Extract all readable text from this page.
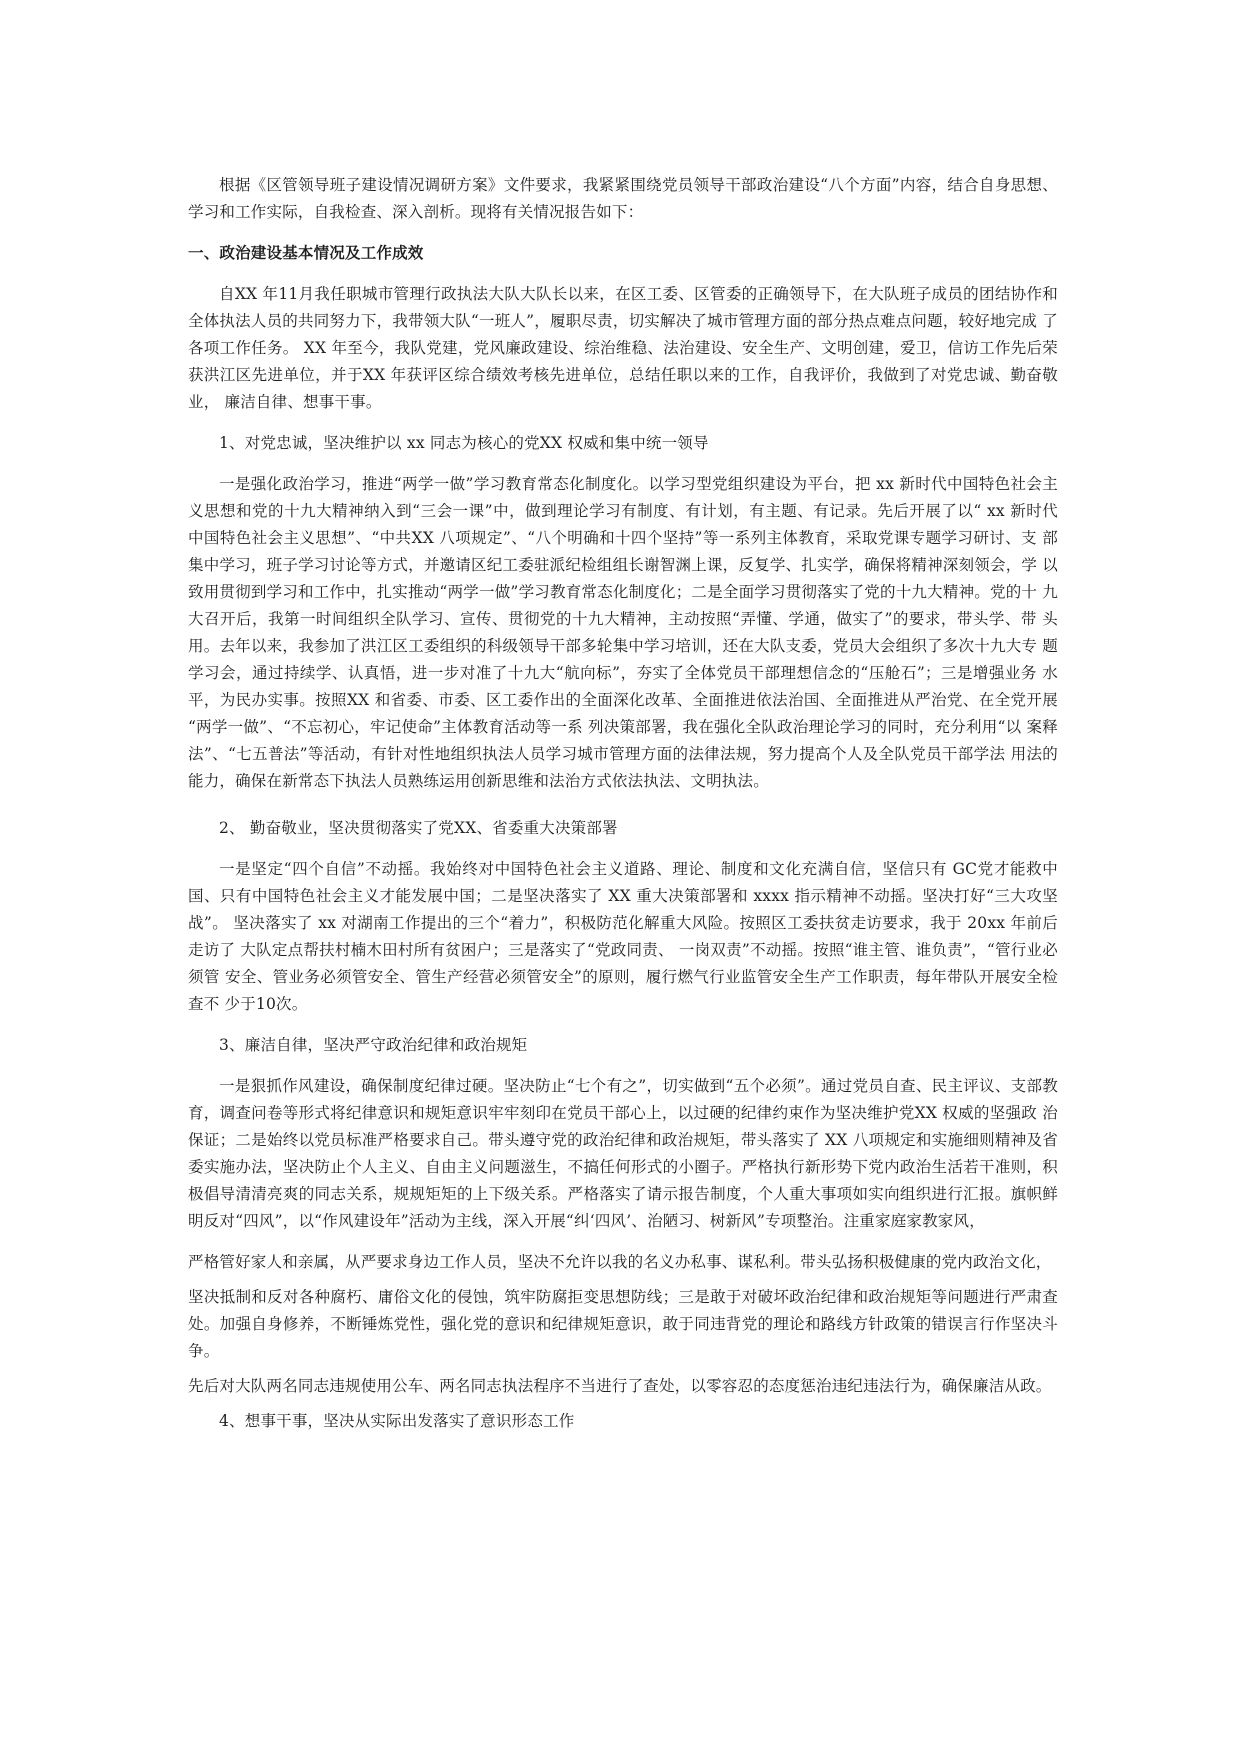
根据《区管领导班子建设情况调研方案》文件要求，我紧紧围绕党员领导干部政治建设“八个方面”内容，结合自身思想、 学习和工作实际，自我检查、深入剖析。现将有关情况报告如下：

一、政治建设基本情况及工作成效

自XX 年11月我任职城市管理行政执法大队大队长以来，在区工委、区管委的正确领导下，在大队班子成员的团结协作和 全体执法人员的共同努力下，我带领大队“一班人”，履职尽责，切实解决了城市管理方面的部分热点难点问题，较好地完成 了各项工作任务。 XX 年至今，我队党建，党风廉政建设、综治维稳、法治建设、安全生产、文明创建，爱卫，信访工作先后荣 获洪江区先进单位，并于XX 年获评区综合绩效考核先进单位，总结任职以来的工作，自我评价，我做到了对党忠诚、勤奋敬业， 廉洁自律、想事干事。

1、对党忠诚，坚决维护以 xx 同志为核心的党XX 权威和集中统一领导

一是强化政治学习，推进“两学一做”学习教育常态化制度化。以学习型党组织建设为平台，把 xx 新时代中国特色社会主 义思想和党的十九大精神纳入到“三会一课”中，做到理论学习有制度、有计划，有主题、有记录。先后开展了以“ xx 新时代 中国特色社会主义思想”、“中共XX 八项规定”、“八个明确和十四个坚持”等一系列主体教育，采取党课专题学习研讨、支 部集中学习，班子学习讨论等方式，并邀请区纪工委驻派纪检组组长谢智渊上课，反复学、扎实学，确保将精神深刻领会，学 以致用贯彻到学习和工作中，扎实推动“两学一做”学习教育常态化制度化；二是全面学习贯彻落实了党的十九大精神。党的十 九大召开后，我第一时间组织全队学习、宣传、贯彻党的十九大精神，主动按照“弄懂、学通，做实了”的要求，带头学、带 头用。去年以来，我参加了洪江区工委组织的科级领导干部多轮集中学习培训，还在大队支委，党员大会组织了多次十九大专 题学习会，通过持续学、认真悟，进一步对准了十九大“航向标”，夯实了全体党员干部理想信念的“压舱石”；三是增强业务 水平，为民办实事。按照XX 和省委、市委、区工委作出的全面深化改革、全面推进依法治国、全面推进从严治党、在全党开展 “两学一做”、“不忘初心，牢记使命”主体教育活动等一系 列决策部署，我在强化全队政治理论学习的同时，充分利用“以 案释法”、“七五普法”等活动，有针对性地组织执法人员学习城市管理方面的法律法规，努力提高个人及全队党员干部学法 用法的能力，确保在新常态下执法人员熟练运用创新思维和法治方式依法执法、文明执法。

2、 勤奋敬业，坚决贯彻落实了党XX、省委重大决策部署

一是坚定“四个自信”不动摇。我始终对中国特色社会主义道路、理论、制度和文化充满自信，坚信只有 GC党才能救中国、只有中国特色社会主义才能发展中国；二是坚决落实了 XX 重大决策部署和 xxxx 指示精神不动摇。坚决打好“三大攻坚战”。 坚决落实了 xx 对湖南工作提出的三个“着力”，积极防范化解重大风险。按照区工委扶贫走访要求，我于 20xx 年前后走访了 大队定点帮扶村楠木田村所有贫困户；三是落实了“党政同责、 一岗双责”不动摇。按照“谁主管、谁负责”，“管行业必须管 安全、管业务必须管安全、管生产经营必须管安全”的原则，履行燃气行业监管安全生产工作职责，每年带队开展安全检查不 少于10次。

3、廉洁自律，坚决严守政治纪律和政治规矩

一是狠抓作风建设，确保制度纪律过硬。坚决防止“七个有之”，切实做到“五个必须”。通过党员自查、民主评议、支部教育，调查问卷等形式将纪律意识和规矩意识牢牢刻印在党员干部心上，以过硬的纪律约束作为坚决维护党XX 权威的坚强政 治保证；二是始终以党员标准严格要求自己。带头遵守党的政治纪律和政治规矩，带头落实了 XX 八项规定和实施细则精神及省 委实施办法，坚决防止个人主义、自由主义问题滋生，不搞任何形式的小圈子。严格执行新形势下党内政治生活若干准则，积 极倡导清清亮爽的同志关系，规规矩矩的上下级关系。严格落实了请示报告制度，个人重大事项如实向组织进行汇报。旗帜鲜 明反对“四风”，以“作风建设年”活动为主线，深入开展“纠‘四风’、治陋习、树新风”专项整治。注重家庭家教家风，

严格管好家人和亲属，从严要求身边工作人员，坚决不允许以我的名义办私事、谋私利。带头弘扬积极健康的党内政治文化，

坚决抵制和反对各种腐朽、庸俗文化的侵蚀，筑牢防腐拒变思想防线；三是敢于对破坏政治纪律和政治规矩等问题进行严肃查处。加强自身修养，不断锤炼党性，强化党的意识和纪律规矩意识，敢于同违背党的理论和路线方针政策的错误言行作坚决斗争。

先后对大队两名同志违规使用公车、两名同志执法程序不当进行了查处，以零容忍的态度惩治违纪违法行为，确保廉洁从政。

4、想事干事，坚决从实际出发落实了意识形态工作
